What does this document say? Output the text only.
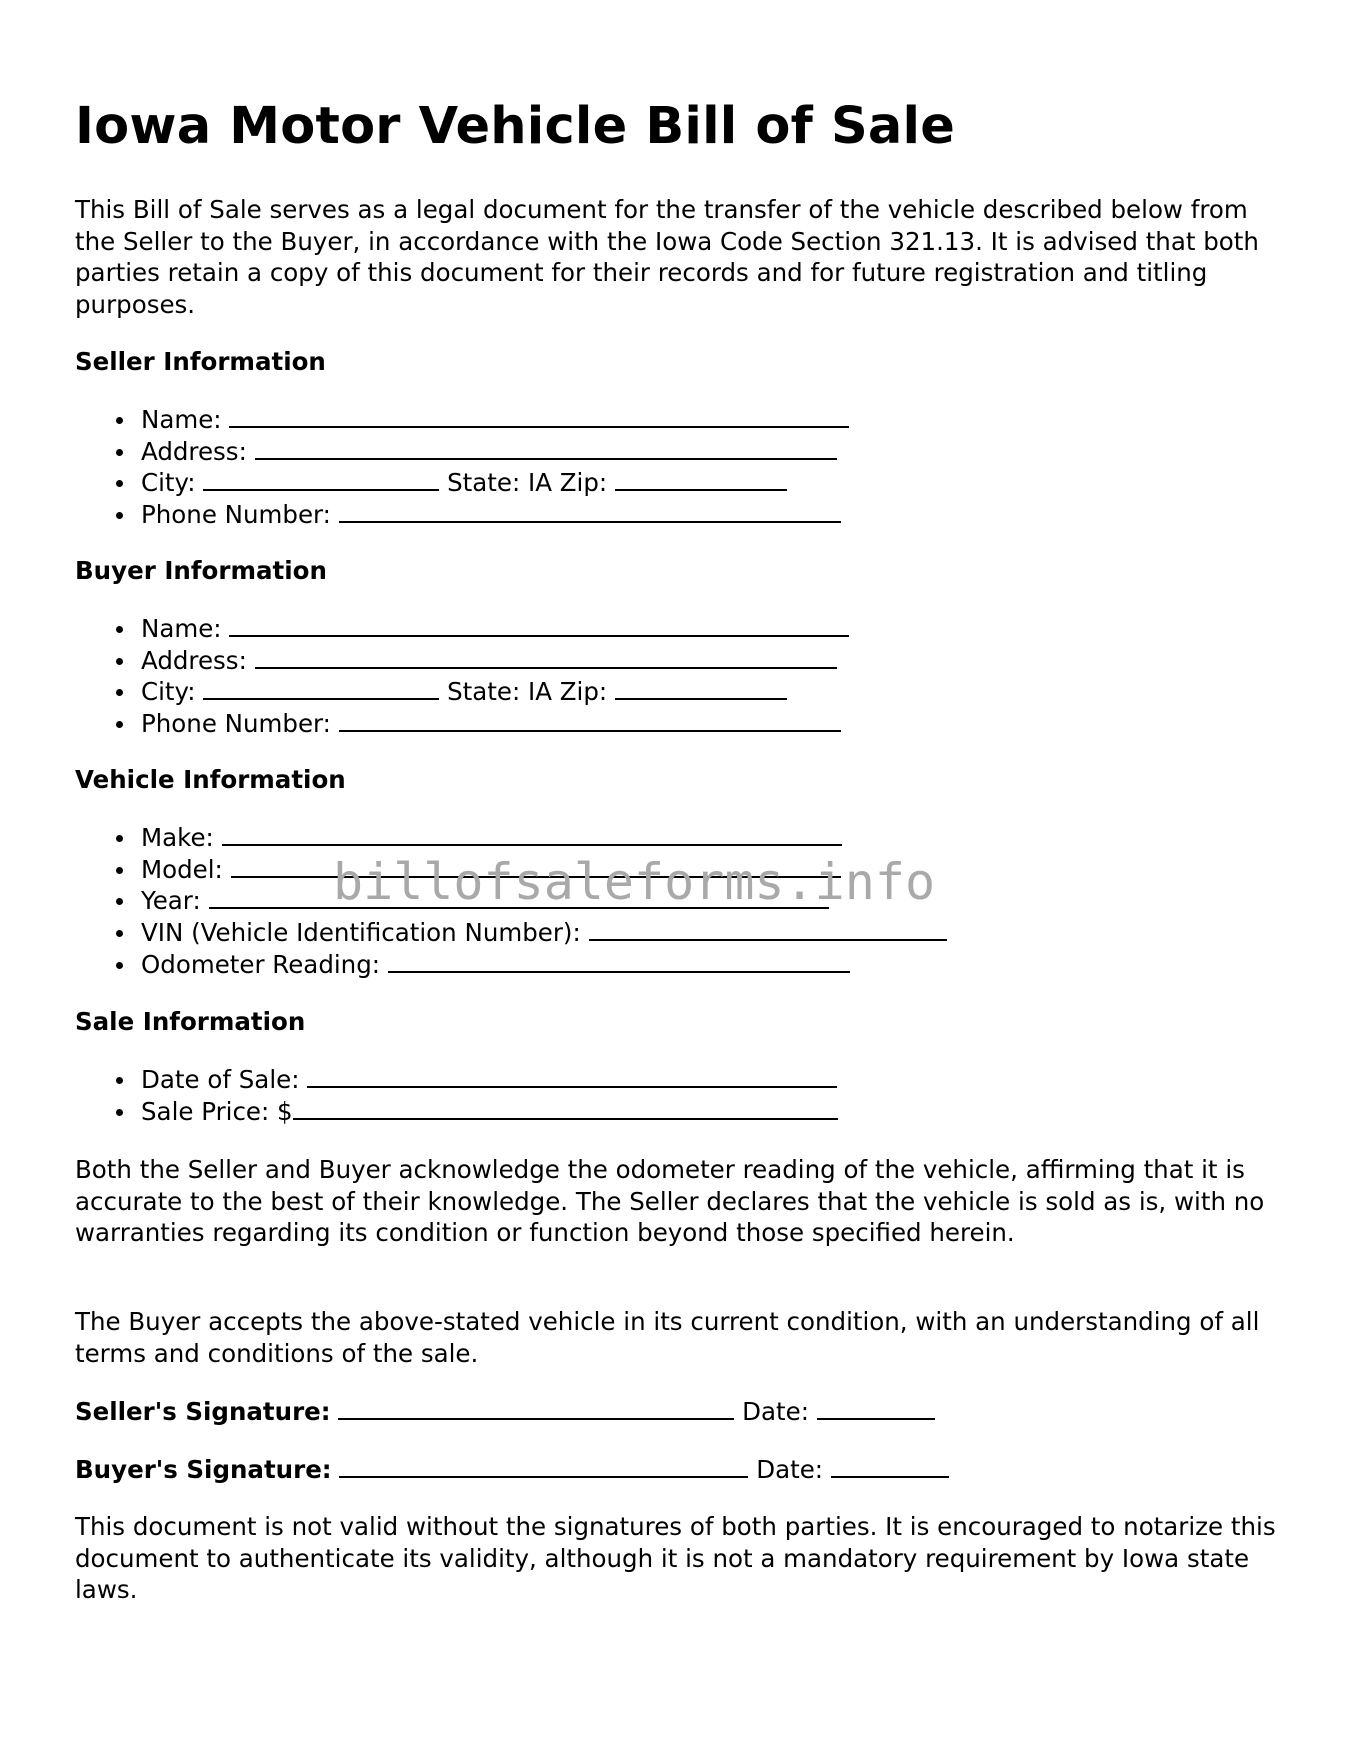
Iowa Motor Vehicle Bill of Sale

This Bill of Sale serves as a legal document for the transfer of the vehicle described below from the Seller to the Buyer, in accordance with the Iowa Code Section 321.13. It is advised that both parties retain a copy of this document for their records and for future registration and titling purposes.

Seller Information
Name:
Address:
City:	State: IA Zip:
Phone Number:
Buyer Information
Name:
Address:
City:	State: IA Zip:
Phone Number:
Vehicle Information
Make:
Model:
Year:
VIN (Vehicle Identification Number):
Odometer Reading:
Sale Information
Date of Sale:
Sale Price: $

Both the Seller and Buyer acknowledge the odometer reading of the vehicle, affirming that it is accurate to the best of their knowledge. The Seller declares that the vehicle is sold as is, with no warranties regarding its condition or function beyond those specified herein.

The Buyer accepts the above-stated vehicle in its current condition, with an understanding of all terms and conditions of the sale.

Seller's Signature:	Date:
Buyer's Signature:	Date:

This document is not valid without the signatures of both parties. It is encouraged to notarize this document to authenticate its validity, although it is not a mandatory requirement by Iowa state laws.

billofsaleforms.info
